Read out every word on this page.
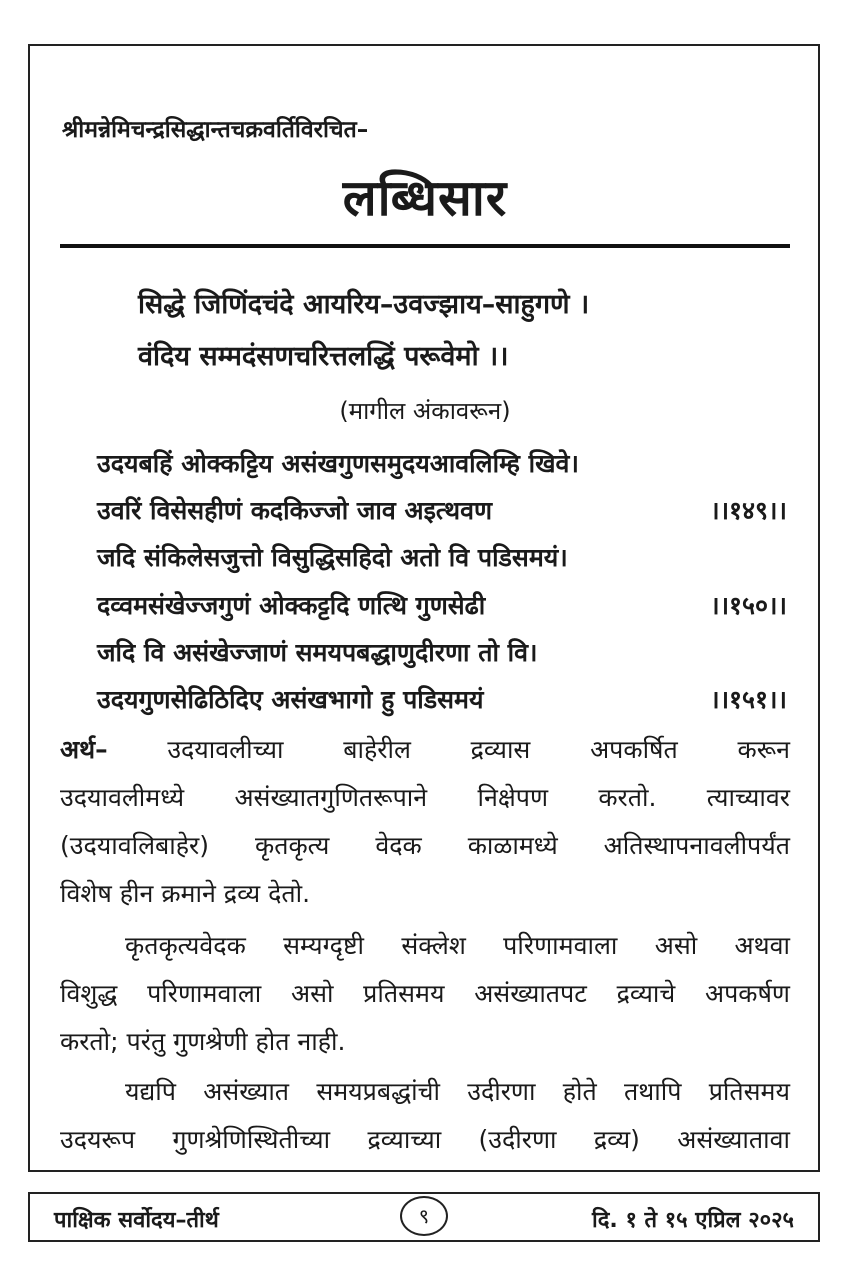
श्रीमन्नेमिचन्द्रसिद्धान्तचक्रवर्तिविरचित–
लब्धिसार
सिद्धे जिणिंदचंदे आयरिय–उवज्झाय–साहुगणे ।
वंदिय सम्मदंसणचरित्तलद्धिं परूवेमो ।।
(मागील अंकावरून)
उदयबहिं ओक्कट्टिय असंखगुणसमुदयआवलिम्हि खिवे।
उवरिं विसेसहीणं कदकिज्जो जाव अइत्थवण	।।१४९।।
जदि संकिलेसजुत्तो विसुद्धिसहिदो अतो वि पडिसमयं।
दव्वमसंखेज्जगुणं ओक्कट्टदि णत्थि गुणसेढी	।।१५०।।
जदि वि असंखेज्जाणं समयपबद्धाणुदीरणा तो वि।
उदयगुणसेढिठिदिए असंखभागो हु पडिसमयं	।।१५१।।
अर्थ– उदयावलीच्या बाहेरील द्रव्यास अपकर्षित करून
उदयावलीमध्ये असंख्यातगुणितरूपाने निक्षेपण करतो. त्याच्यावर
(उदयावलिबाहेर) कृतकृत्य वेदक काळामध्ये अतिस्थापनावलीपर्यंत
विशेष हीन क्रमाने द्रव्य देतो.
कृतकृत्यवेदक सम्यग्दृष्टी संक्लेश परिणामवाला असो अथवा
विशुद्ध परिणामवाला असो प्रतिसमय असंख्यातपट द्रव्याचे अपकर्षण
करतो; परंतु गुणश्रेणी होत नाही.
यद्यपि असंख्यात समयप्रबद्धांची उदीरणा होते तथापि प्रतिसमय
उदयरूप गुणश्रेणिस्थितीच्या द्रव्याच्या (उदीरणा द्रव्य) असंख्यातावा
पाक्षिक सर्वोदय–तीर्थ	९	दि. १ ते १५ एप्रिल २०२५
